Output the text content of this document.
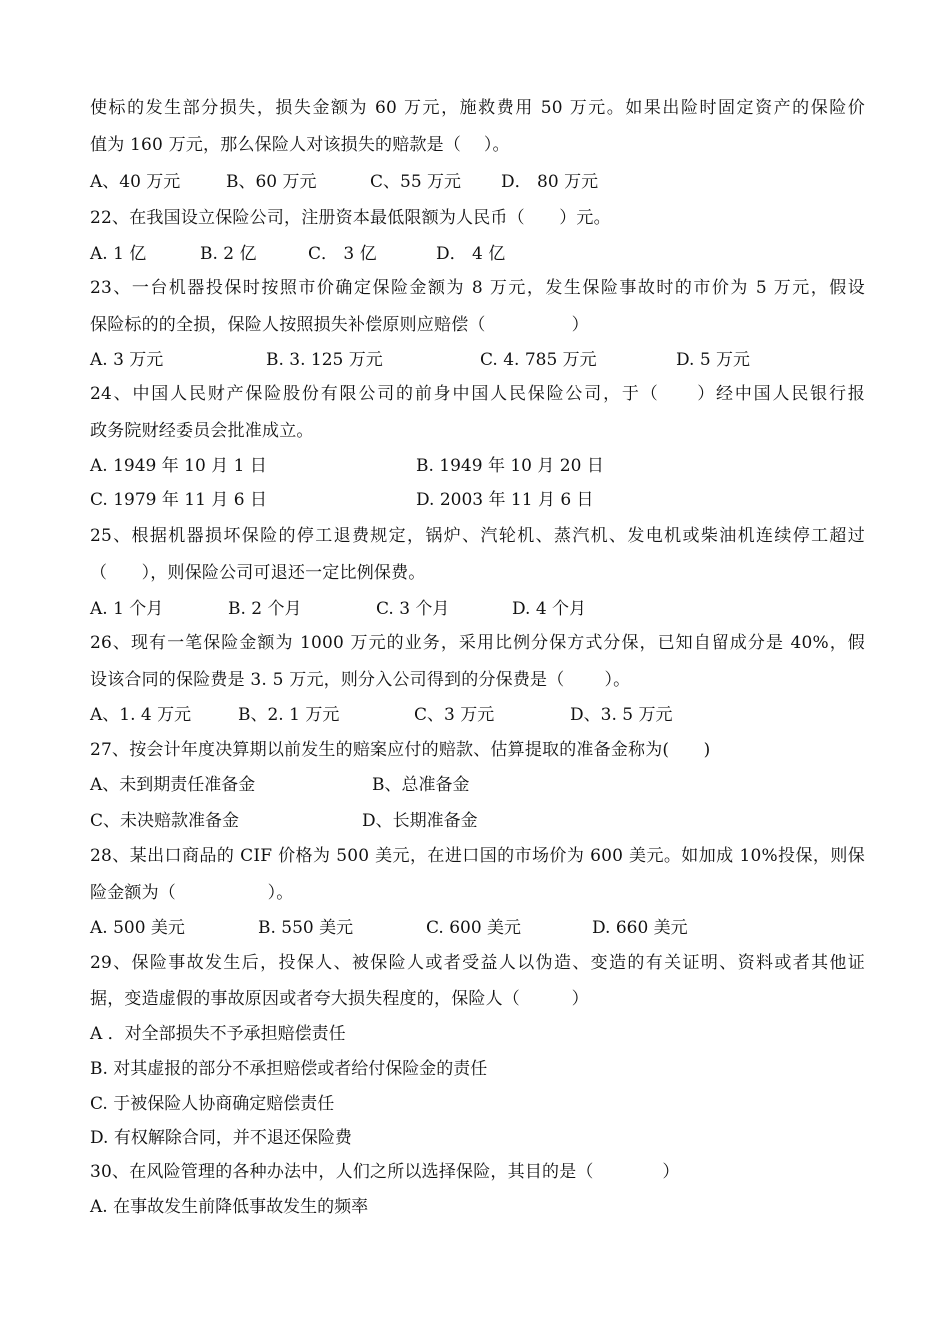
使标的发生部分损失，损失金额为 60 万元，施救费用 50 万元。如果出险时固定资产的保险价
值为 160 万元，那么保险人对该损失的赔款是（　 ）。
A、40 万元	B、60 万元	C、55 万元 D． 80 万元
22、在我国设立保险公司，注册资本最低限额为人民币（　　）元。
A. 1 亿	B. 2 亿	C． 3 亿	D． 4 亿
23、一台机器投保时按照市价确定保险金额为 8 万元，发生保险事故时的市价为 5 万元，假设
保险标的的全损，保险人按照损失补偿原则应赔偿（　　　　　）
A. 3 万元	B. 3. 125 万元	C. 4. 785 万元	D. 5 万元
24、中国人民财产保险股份有限公司的前身中国人民保险公司，于（　　）经中国人民银行报
政务院财经委员会批准成立。
A. 1949 年 10 月 1 日	B. 1949 年 10 月 20 日
C. 1979 年 11 月 6 日	D. 2003 年 11 月 6 日
25、根据机器损坏保险的停工退费规定，锅炉、汽轮机、蒸汽机、发电机或柴油机连续停工超过
（　　），则保险公司可退还一定比例保费。
A. 1 个月	B. 2 个月	C. 3 个月	D. 4 个月
26、现有一笔保险金额为 1000 万元的业务，采用比例分保方式分保，已知自留成分是 40%，假
设该合同的保险费是 3. 5 万元，则分入公司得到的分保费是（　　 ）。
A、1. 4 万元	B、2. 1 万元	C、3 万元	D、3. 5 万元
27、按会计年度决算期以前发生的赔案应付的赔款、估算提取的准备金称为(　　)
A、未到期责任准备金	B、总准备金
C、未决赔款准备金	D、长期准备金
28、某出口商品的 CIF 价格为 500 美元，在进口国的市场价为 600 美元。如加成 10%投保，则保
险金额为（　　　　　 ）。
A. 500 美元	B. 550 美元	C. 600 美元	D. 660 美元
29、保险事故发生后，投保人、被保险人或者受益人以伪造、变造的有关证明、资料或者其他证
据，变造虚假的事故原因或者夸大损失程度的，保险人（　　　）
A ．对全部损失不予承担赔偿责任
B. 对其虚报的部分不承担赔偿或者给付保险金的责任
C. 于被保险人协商确定赔偿责任
D. 有权解除合同，并不退还保险费
30、在风险管理的各种办法中，人们之所以选择保险，其目的是（　　　　）
A. 在事故发生前降低事故发生的频率
